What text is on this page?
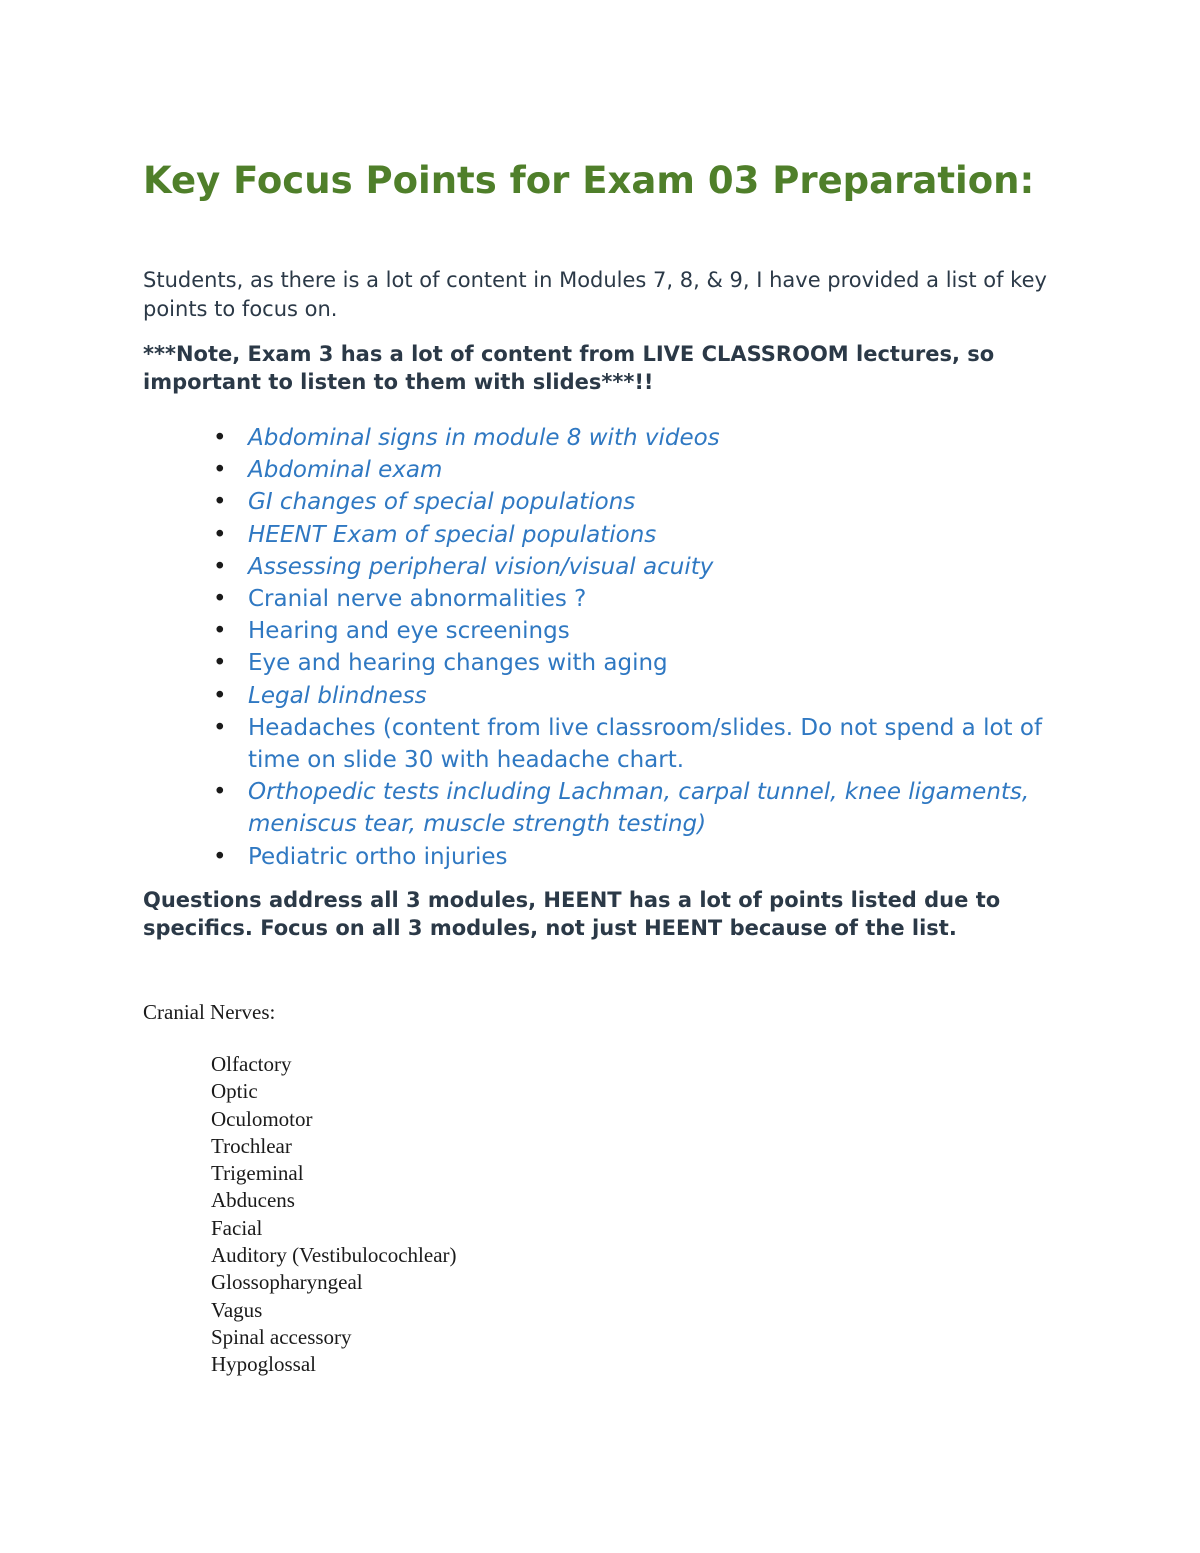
Key Focus Points for Exam 03 Preparation:

Students, as there is a lot of content in Modules 7, 8, & 9, I have provided a list of key points to focus on.

***Note, Exam 3 has a lot of content from LIVE CLASSROOM lectures, so important to listen to them with slides***!!

• Abdominal signs in module 8 with videos
• Abdominal exam
• GI changes of special populations
• HEENT Exam of special populations
• Assessing peripheral vision/visual acuity
• Cranial nerve abnormalities ?
• Hearing and eye screenings
• Eye and hearing changes with aging
• Legal blindness
• Headaches (content from live classroom/slides. Do not spend a lot of time on slide 30 with headache chart.
• Orthopedic tests including Lachman, carpal tunnel, knee ligaments, meniscus tear, muscle strength testing)
• Pediatric ortho injuries

Questions address all 3 modules, HEENT has a lot of points listed due to specifics. Focus on all 3 modules, not just HEENT because of the list.

Cranial Nerves:

Olfactory
Optic
Oculomotor
Trochlear
Trigeminal
Abducens
Facial
Auditory (Vestibulocochlear)
Glossopharyngeal
Vagus
Spinal accessory
Hypoglossal
